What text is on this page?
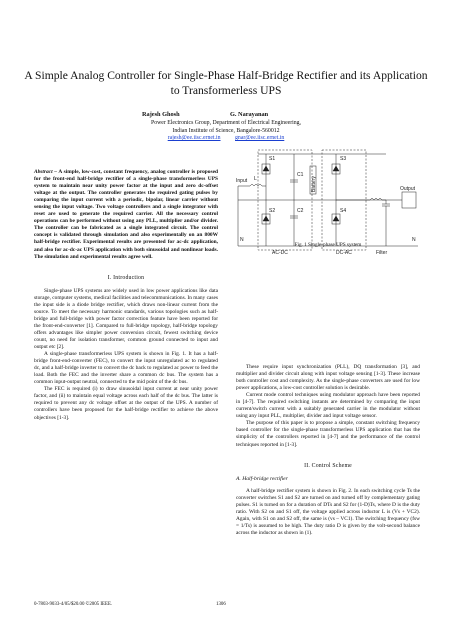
A Simple Analog Controller for Single-Phase Half-Bridge Rectifier and its Application to Transformerless UPS
Rajesh Ghosh	G. Narayanan
Power Electronics Group, Department of Electrical Engineering,
Indian Institute of Science, Bangalore-560012
rajesh@ee.iisc.ernet.in	gnar@ee.iisc.ernet.in

Abstract – A simple, low-cost, constant frequency, analog controller is proposed for the front-end half-bridge rectifier of a single-phase transformerless UPS system to maintain near unity power factor at the input and zero dc-offset voltage at the output. The controller generates the required gating pulses by comparing the input current with a periodic, bipolar, linear carrier without sensing the input voltage. Two voltage controllers and a single integrator with reset are used to generate the required carrier. All the necessary control operations can be performed without using any PLL, multiplier and/or divider. The controller can be fabricated as a single integrated circuit. The control concept is validated through simulation and also experimentally on an 800W half-bridge rectifier. Experimental results are presented for ac-dc application, and also for ac-dc-ac UPS application with both sinusoidal and nonlinear loads. The simulation and experimental results agree well.

I. Introduction

Single-phase UPS systems are widely used in low power applications like data storage, computer systems, medical facilities and telecommunications. In many cases the input side is a diode bridge rectifier, which draws non-linear current from the source. To meet the necessary harmonic standards, various topologies such as half-bridge and full-bridge with power factor correction feature have been reported for the front-end-converter [1]. Compared to full-bridge topology, half-bridge topology offers advantages like simpler power conversion circuit, fewest switching device count, no need for isolation transformer, common ground connected to input and output etc [2].

A single-phase transformerless UPS system is shown in Fig. 1. It has a half-bridge front-end-converter (FEC), to convert the input unregulated ac to regulated dc, and a half-bridge inverter to convert the dc back to regulated ac power to feed the load. Both the FEC and the inverter share a common dc bus. The system has a common input-output neutral, connected to the mid point of the dc bus.

The FEC is required (i) to draw sinusoidal input current at near unity power factor, and (ii) to maintain equal voltage across each half of the dc bus. The latter is required to prevent any dc voltage offset at the output of the UPS. A number of controllers have been proposed for the half-bridge rectifier to achieve the above objectives [1-3].

Input
Output
N	N
S1
S2
S3
S4
L
C1
C2
Battery
AC-DC	DC-AC	Filter
Fig. 1 Single-phase UPS system

These require input synchronization (PLL), DQ transformation [3], and multiplier and divider circuit along with input voltage sensing [1-3]. These increase both controller cost and complexity. As the single-phase converters are used for low power applications, a low-cost controller solution is desirable.

Current mode control techniques using modulator approach have been reported in [4-7]. The required switching instants are determined by comparing the input current/switch current with a suitably generated carrier in the modulator without using any input PLL, multiplier, divider and input voltage sensor.

The purpose of this paper is to propose a simple, constant switching frequency based controller for the single-phase transformerless UPS application that has the simplicity of the controllers reported in [4-7] and the performance of the control techniques reported in [1-3].

II. Control Scheme
A. Half-bridge rectifier

A half-bridge rectifier system is shown in Fig. 2. In each switching cycle Ts the converter switches S1 and S2 are turned on and turned off by complementary gating pulses. S1 is turned on for a duration of DTs and S2 for (1-D)Ts, where D is the duty ratio. With S2 on and S1 off, the voltage applied across inductor L is (Vs + VC2). Again, with S1 on and S2 off, the same is (vs – VC1). The switching frequency (fsw = 1/Ts) is assumed to be high. The duty ratio D is given by the volt-second balance across the inductor as shown in (1).

0-7803-9033-4/05/$20.00 ©2005 IEEE.	1306
